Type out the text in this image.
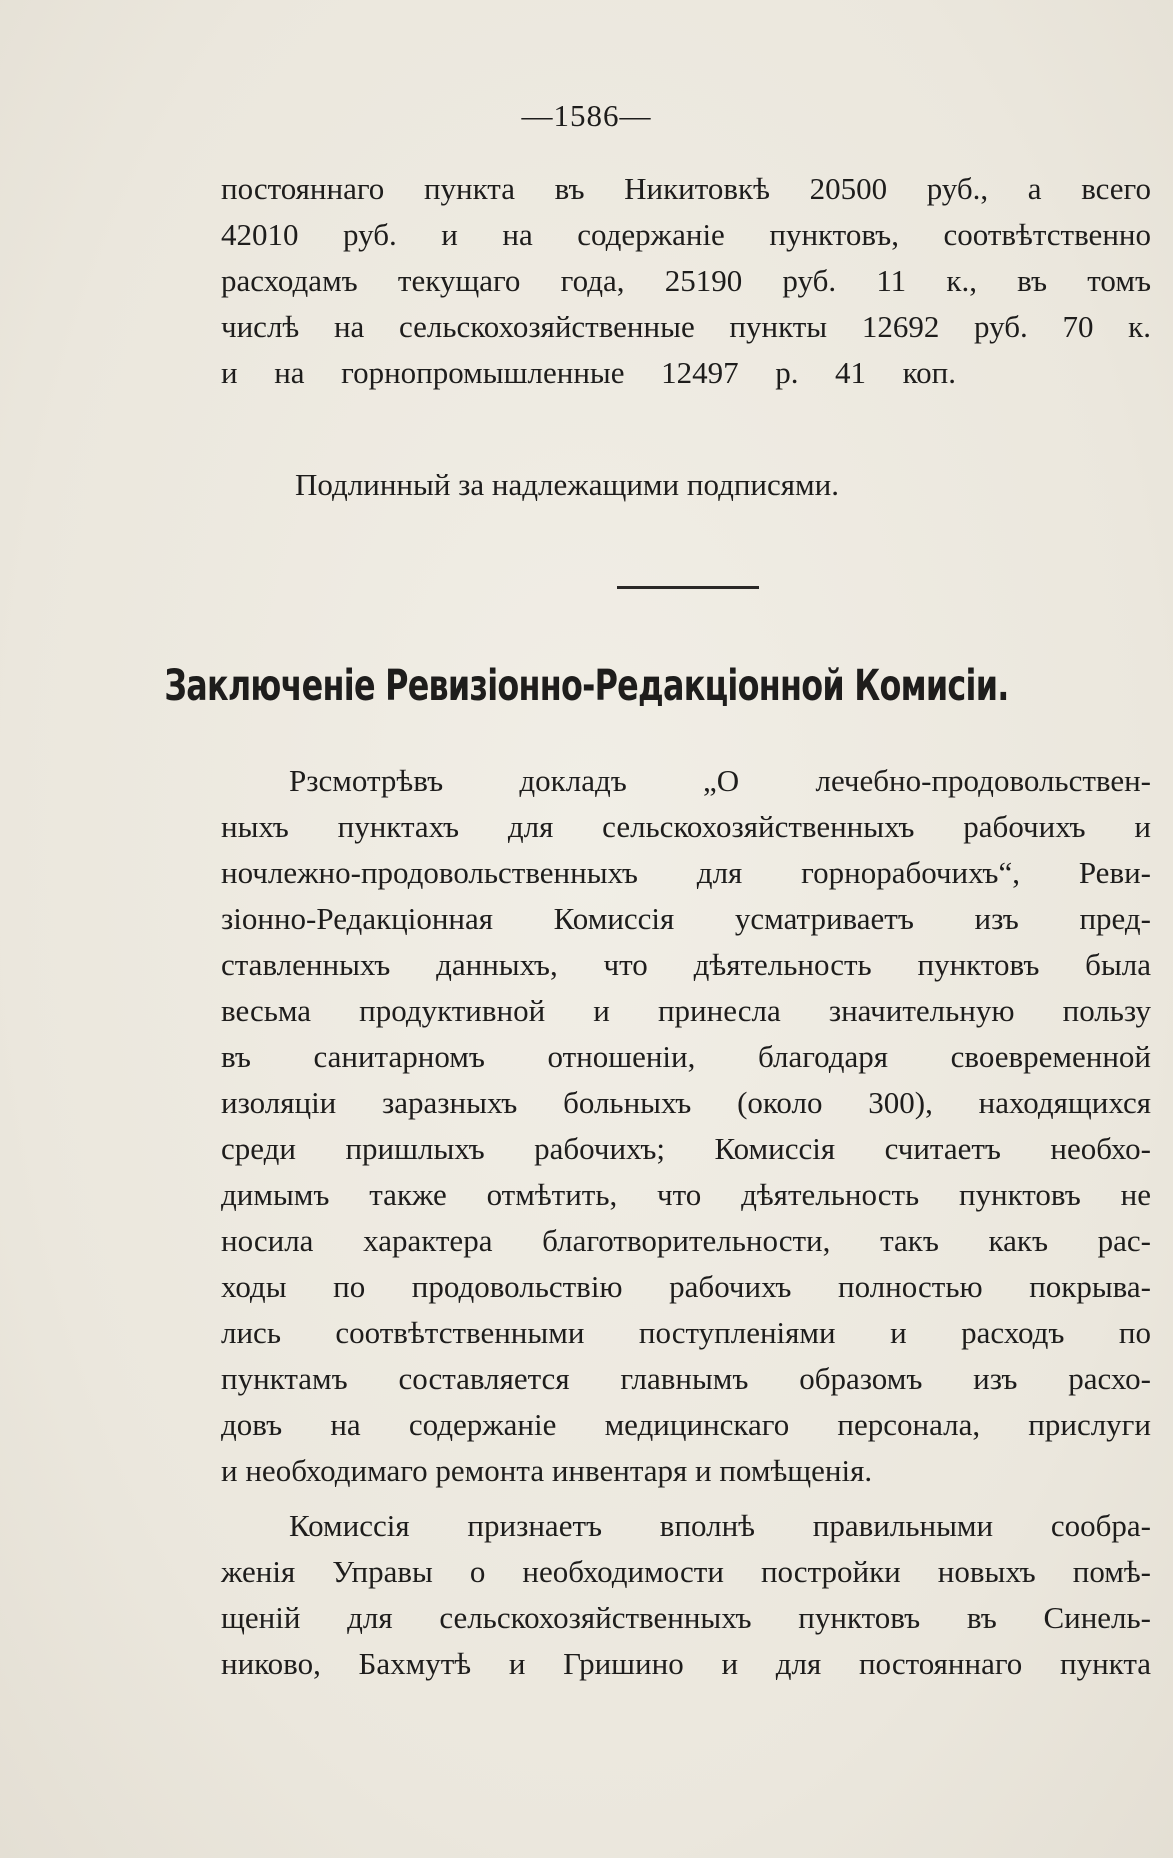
—1586—
постояннаго пункта въ Никитовкѣ 20500 руб., а всего
42010 руб. и на содержаніе пунктовъ, соотвѣтственно
расходамъ текущаго года, 25190 руб. 11 к., въ томъ
числѣ на сельскохозяйственные пункты 12692 руб. 70 к.
и на горнопромышленные 12497 р. 41 коп.
Подлинный за надлежащими подписями.
Заключеніе Ревизіонно-Редакціонной Комисіи.
Рзсмотрѣвъ докладъ „О лечебно-продовольствен-
ныхъ пунктахъ для сельскохозяйственныхъ рабочихъ и
ночлежно-продовольственныхъ для горнорабочихъ“, Реви-
зіонно-Редакціонная Комиссія усматриваетъ изъ пред-
ставленныхъ данныхъ, что дѣятельность пунктовъ была
весьма продуктивной и принесла значительную пользу
въ санитарномъ отношеніи, благодаря своевременной
изоляціи заразныхъ больныхъ (около 300), находящихся
среди пришлыхъ рабочихъ; Комиссія считаетъ необхо-
димымъ также отмѣтить, что дѣятельность пунктовъ не
носила характера благотворительности, такъ какъ рас-
ходы по продовольствію рабочихъ полностью покрыва-
лись соотвѣтственными поступленіями и расходъ по
пунктамъ составляется главнымъ образомъ изъ расхо-
довъ на содержаніе медицинскаго персонала, прислуги
и необходимаго ремонта инвентаря и помѣщенія.
Комиссія признаетъ вполнѣ правильными сообра-
женія Управы о необходимости постройки новыхъ помѣ-
щеній для сельскохозяйственныхъ пунктовъ въ Синель-
никово, Бахмутѣ и Гришино и для постояннаго пункта
